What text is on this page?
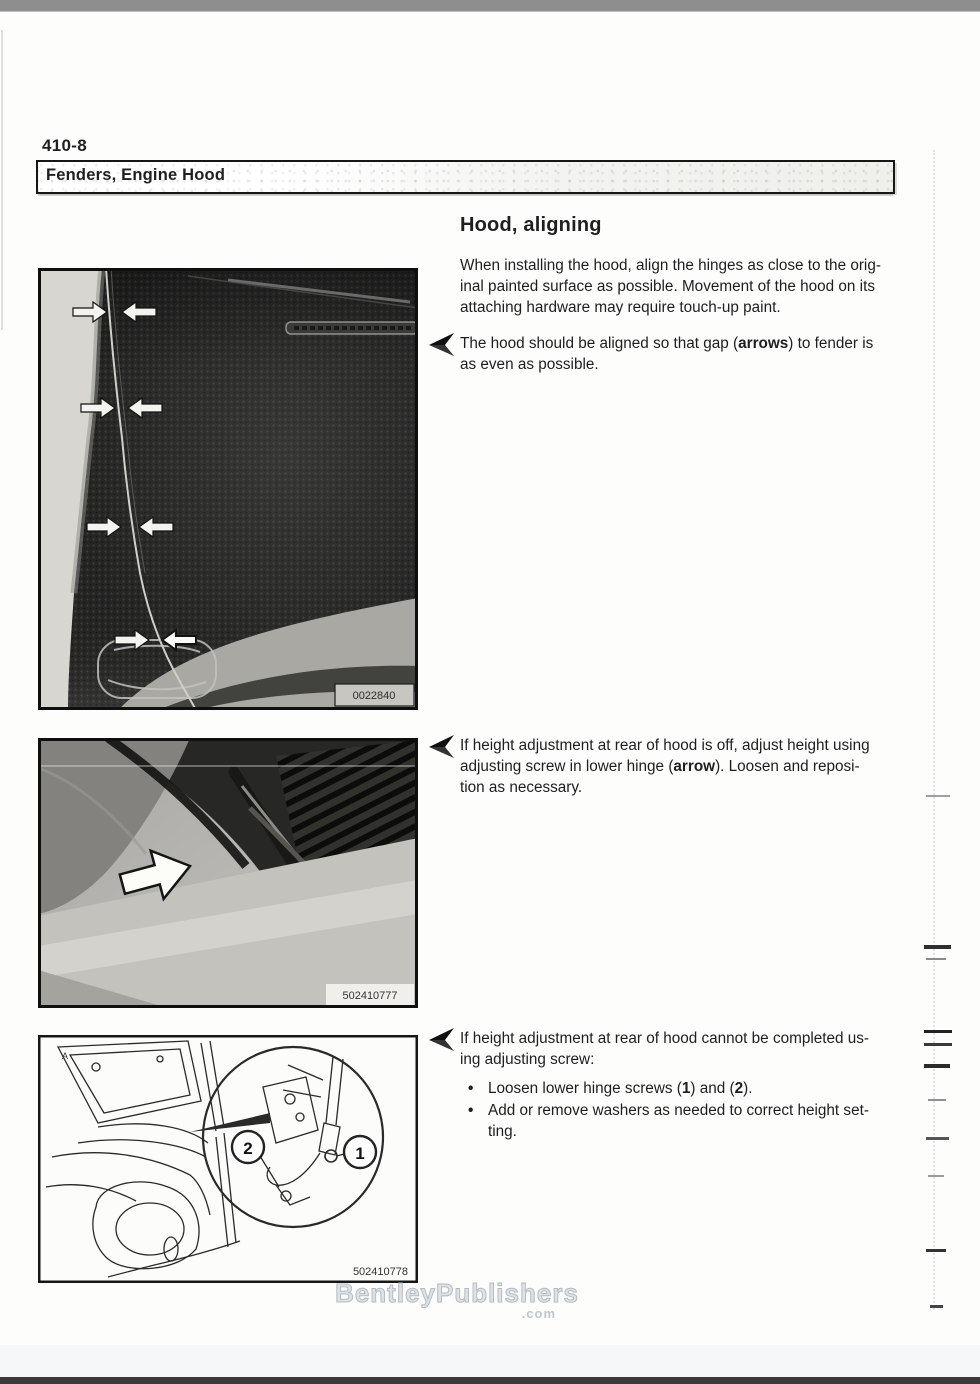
410-8
Fenders, Engine Hood
Hood, aligning
0022840
502410777
2	1
A
502410778
When installing the hood, align the hinges as close to the orig-
inal painted surface as possible. Movement of the hood on its
attaching hardware may require touch-up paint.
The hood should be aligned so that gap (arrows) to fender is
as even as possible.
If height adjustment at rear of hood is off, adjust height using
adjusting screw in lower hinge (arrow). Loosen and reposi-
tion as necessary.
If height adjustment at rear of hood cannot be completed us-
ing adjusting screw:
• Loosen lower hinge screws (1) and (2).
• Add or remove washers as needed to correct height set-
ting.
BentleyPublishers
.com
